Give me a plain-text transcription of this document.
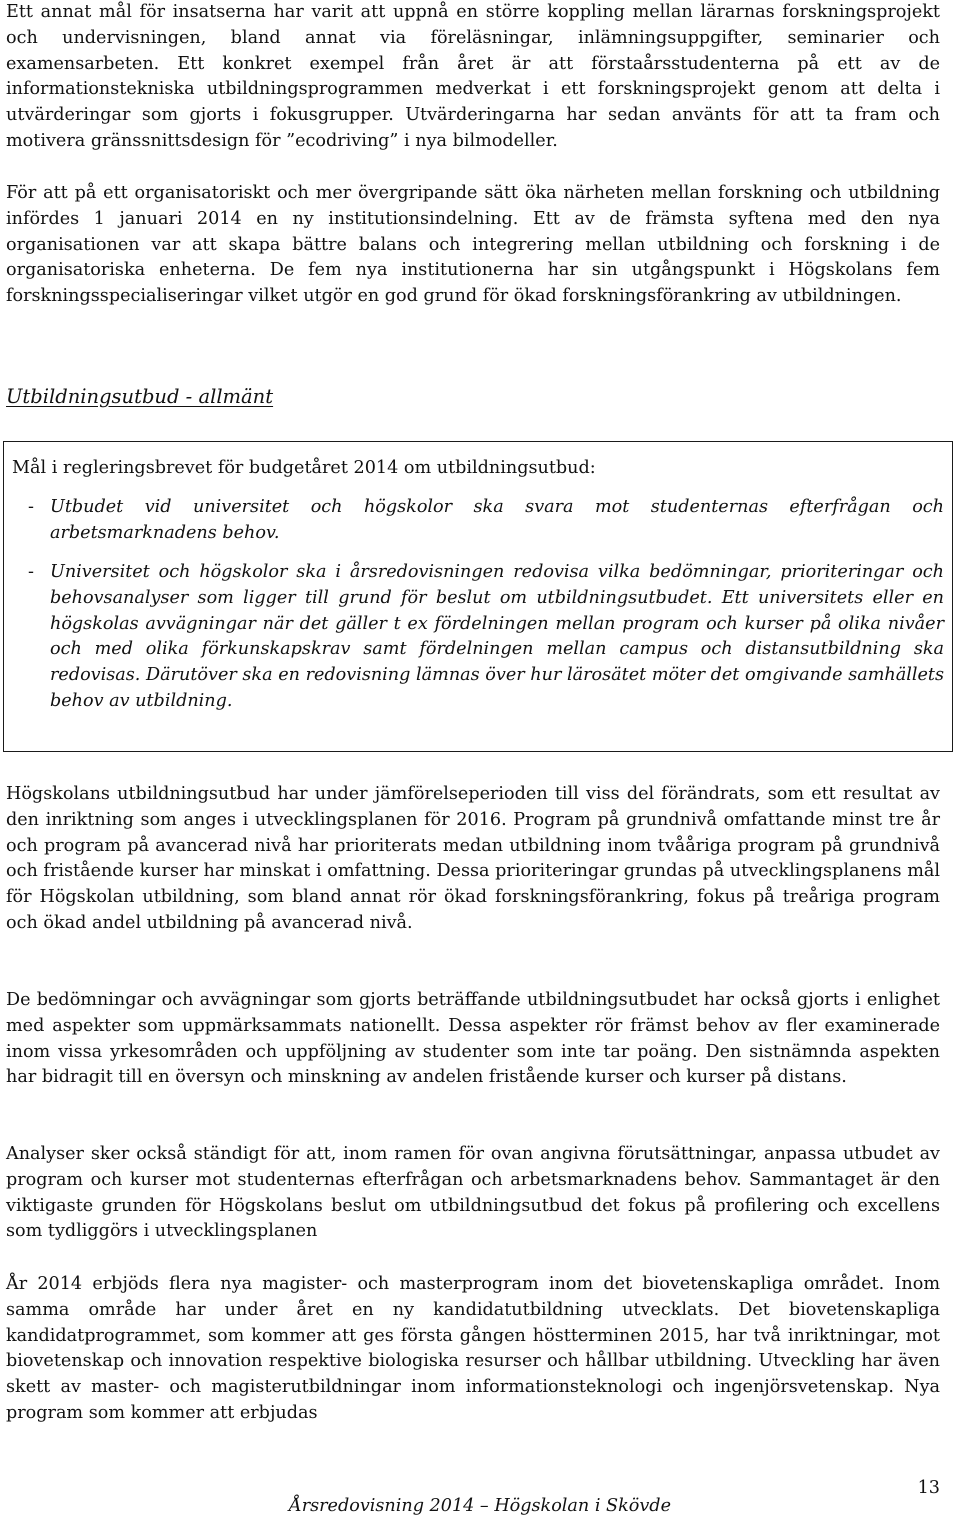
Ett annat mål för insatserna har varit att uppnå en större koppling mellan lärarnas forskningsprojekt och undervisningen, bland annat via föreläsningar, inlämningsuppgifter, seminarier och examensarbeten. Ett konkret exempel från året är att förstaårsstudenterna på ett av de informationstekniska utbildningsprogrammen medverkat i ett forskningsprojekt genom att delta i utvärderingar som gjorts i fokusgrupper. Utvärderingarna har sedan använts för att ta fram och motivera gränssnittsdesign för ”ecodriving” i nya bilmodeller.

För att på ett organisatoriskt och mer övergripande sätt öka närheten mellan forskning och utbildning infördes 1 januari 2014 en ny institutionsindelning. Ett av de främsta syftena med den nya organisationen var att skapa bättre balans och integrering mellan utbildning och forskning i de organisatoriska enheterna. De fem nya institutionerna har sin utgångspunkt i Högskolans fem forskningsspecialiseringar vilket utgör en god grund för ökad forskningsförankring av utbildningen.

Utbildningsutbud - allmänt

Mål i regleringsbrevet för budgetåret 2014 om utbildningsutbud:

- Utbudet vid universitet och högskolor ska svara mot studenternas efterfrågan och arbetsmarknadens behov.
- Universitet och högskolor ska i årsredovisningen redovisa vilka bedömningar, prioriteringar och behovsanalyser som ligger till grund för beslut om utbildningsutbudet. Ett universitets eller en högskolas avvägningar när det gäller t ex fördelningen mellan program och kurser på olika nivåer och med olika förkunskapskrav samt fördelningen mellan campus och distansutbildning ska redovisas. Därutöver ska en redovisning lämnas över hur lärosätet möter det omgivande samhällets behov av utbildning.

Högskolans utbildningsutbud har under jämförelseperioden till viss del förändrats, som ett resultat av den inriktning som anges i utvecklingsplanen för 2016. Program på grundnivå omfattande minst tre år och program på avancerad nivå har prioriterats medan utbildning inom tvååriga program på grundnivå och fristående kurser har minskat i omfattning. Dessa prioriteringar grundas på utvecklingsplanens mål för Högskolan utbildning, som bland annat rör ökad forskningsförankring, fokus på treåriga program och ökad andel utbildning på avancerad nivå.

De bedömningar och avvägningar som gjorts beträffande utbildningsutbudet har också gjorts i enlighet med aspekter som uppmärksammats nationellt. Dessa aspekter rör främst behov av fler examinerade inom vissa yrkesområden och uppföljning av studenter som inte tar poäng. Den sistnämnda aspekten har bidragit till en översyn och minskning av andelen fristående kurser och kurser på distans.

Analyser sker också ständigt för att, inom ramen för ovan angivna förutsättningar, anpassa utbudet av program och kurser mot studenternas efterfrågan och arbetsmarknadens behov. Sammantaget är den viktigaste grunden för Högskolans beslut om utbildningsutbud det fokus på profilering och excellens som tydliggörs i utvecklingsplanen

År 2014 erbjöds flera nya magister- och masterprogram inom det biovetenskapliga området. Inom samma område har under året en ny kandidatutbildning utvecklats. Det biovetenskapliga kandidatprogrammet, som kommer att ges första gången höstterminen 2015, har två inriktningar, mot biovetenskap och innovation respektive biologiska resurser och hållbar utbildning. Utveckling har även skett av master- och magisterutbildningar inom informationsteknologi och ingenjörsvetenskap. Nya program som kommer att erbjudas

Årsredovisning 2014 – Högskolan i Skövde
13
